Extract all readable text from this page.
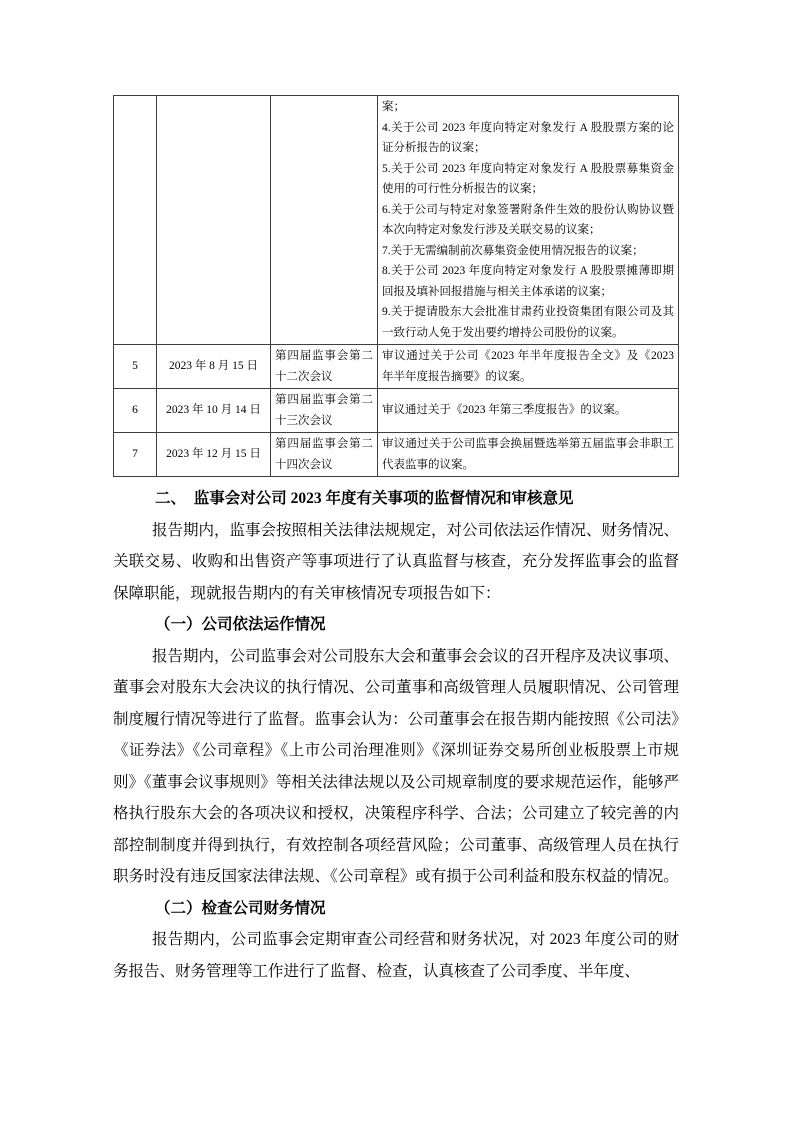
案；
4.关于公司 2023 年度向特定对象发行 A 股股票方案的论证分析报告的议案；
5.关于公司 2023 年度向特定对象发行 A 股股票募集资金使用的可行性分析报告的议案；
6.关于公司与特定对象签署附条件生效的股份认购协议暨本次向特定对象发行涉及关联交易的议案；
7.关于无需编制前次募集资金使用情况报告的议案；
8.关于公司 2023 年度向特定对象发行 A 股股票摊薄即期回报及填补回报措施与相关主体承诺的议案；
9.关于提请股东大会批准甘肃药业投资集团有限公司及其一致行动人免于发出要约增持公司股份的议案。

5	2023 年 8 月 15 日	第四届监事会第二十二次会议	审议通过关于公司《2023 年半年度报告全文》及《2023 年半年度报告摘要》的议案。
6	2023 年 10 月 14 日	第四届监事会第二十三次会议	审议通过关于《2023 年第三季度报告》的议案。
7	2023 年 12 月 15 日	第四届监事会第二十四次会议	审议通过关于公司监事会换届暨选举第五届监事会非职工代表监事的议案。
二、　监事会对公司 2023 年度有关事项的监督情况和审核意见

报告期内，监事会按照相关法律法规规定，对公司依法运作情况、财务情况、关联交易、收购和出售资产等事项进行了认真监督与核查，充分发挥监事会的监督保障职能，现就报告期内的有关审核情况专项报告如下：

（一）公司依法运作情况

报告期内，公司监事会对公司股东大会和董事会会议的召开程序及决议事项、董事会对股东大会决议的执行情况、公司董事和高级管理人员履职情况、公司管理制度履行情况等进行了监督。监事会认为：公司董事会在报告期内能按照《公司法》《证券法》《公司章程》《上市公司治理准则》《深圳证券交易所创业板股票上市规则》《董事会议事规则》等相关法律法规以及公司规章制度的要求规范运作，能够严格执行股东大会的各项决议和授权，决策程序科学、合法；公司建立了较完善的内部控制制度并得到执行，有效控制各项经营风险；公司董事、高级管理人员在执行职务时没有违反国家法律法规、《公司章程》或有损于公司利益和股东权益的情况。

（二）检查公司财务情况

报告期内，公司监事会定期审查公司经营和财务状况，对 2023 年度公司的财务报告、财务管理等工作进行了监督、检查，认真核查了公司季度、半年度、
